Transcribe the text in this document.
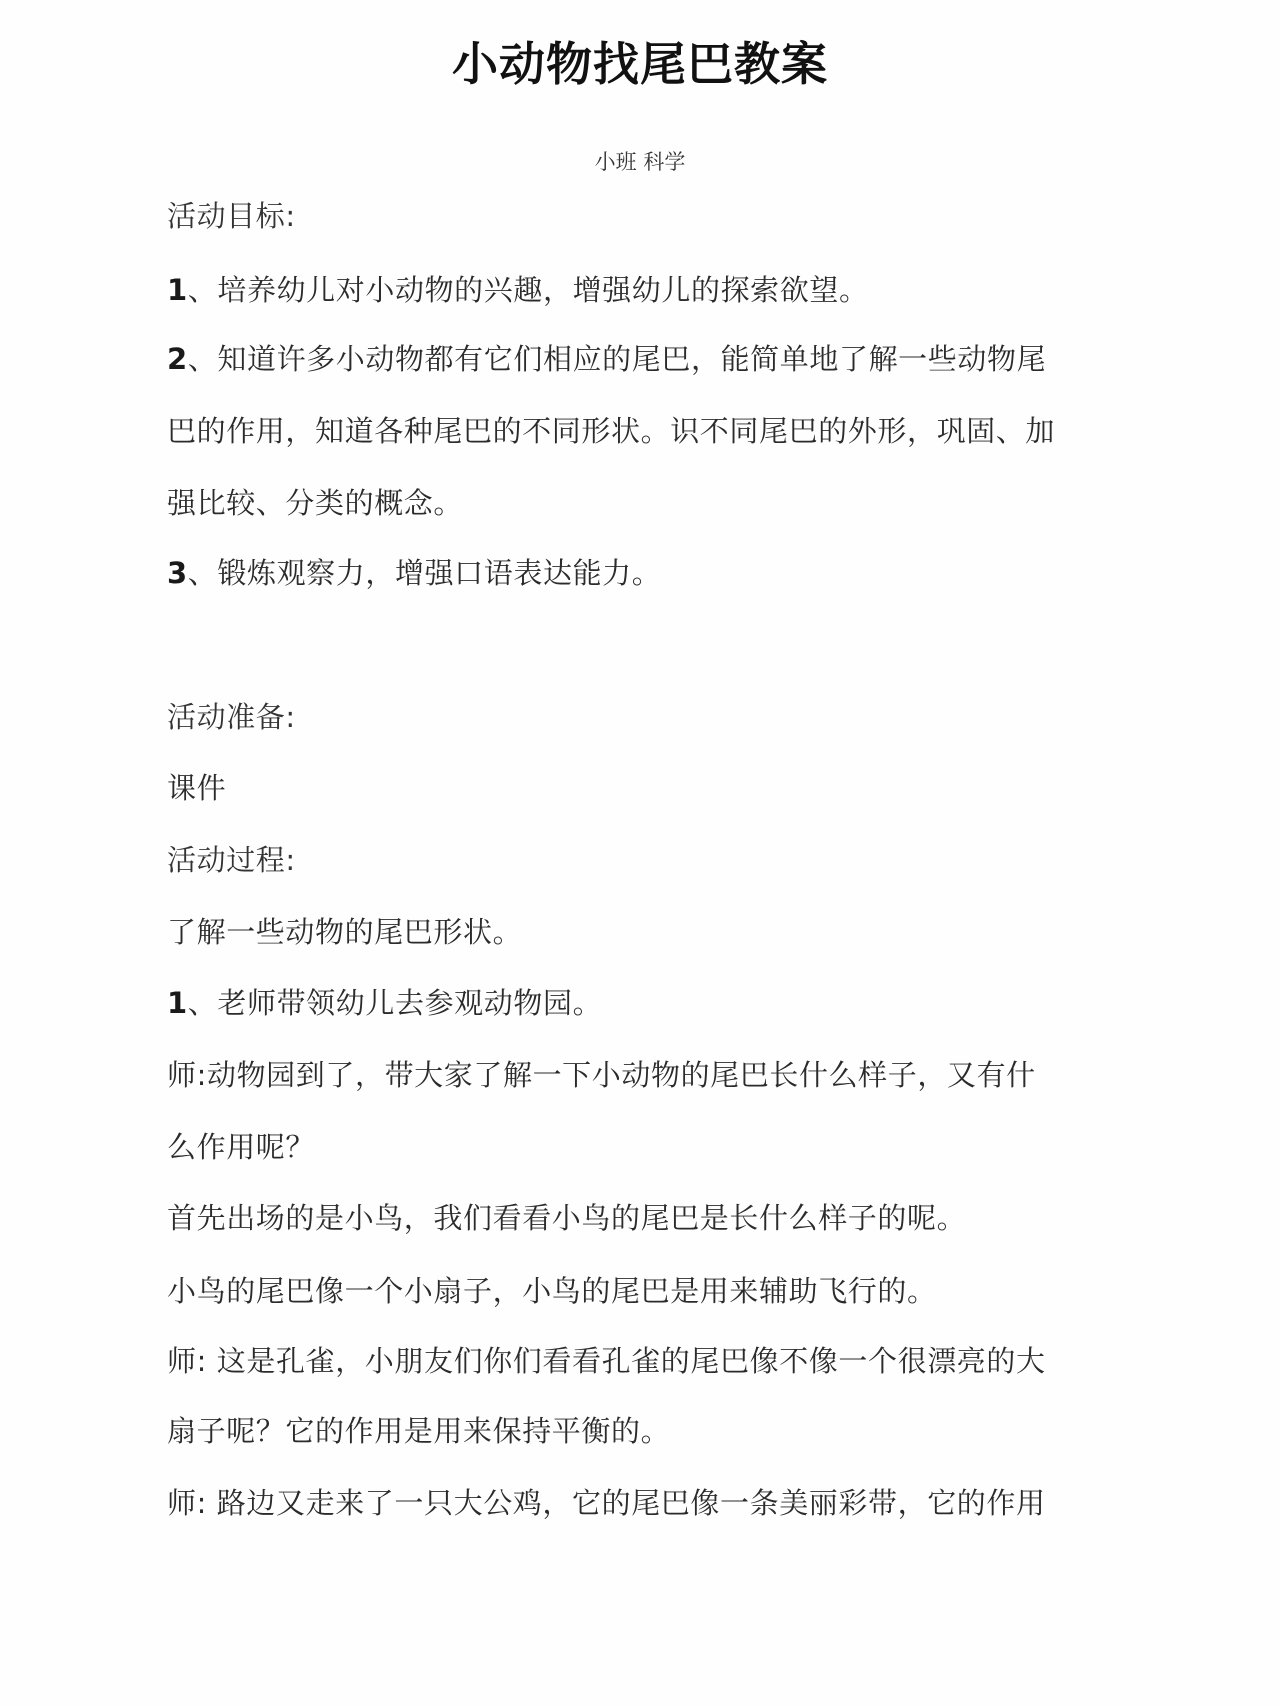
小动物找尾巴教案
小班 科学
活动目标:
1、培养幼儿对小动物的兴趣，增强幼儿的探索欲望。
2、知道许多小动物都有它们相应的尾巴，能简单地了解一些动物尾
巴的作用，知道各种尾巴的不同形状。识不同尾巴的外形，巩固、加
强比较、分类的概念。
3、锻炼观察力，增强口语表达能力。
活动准备:
课件
活动过程:
了解一些动物的尾巴形状。
1、老师带领幼儿去参观动物园。
师:动物园到了，带大家了解一下小动物的尾巴长什么样子，又有什
么作用呢？
首先出场的是小鸟，我们看看小鸟的尾巴是长什么样子的呢。
小鸟的尾巴像一个小扇子，小鸟的尾巴是用来辅助飞行的。
师: 这是孔雀，小朋友们你们看看孔雀的尾巴像不像一个很漂亮的大
扇子呢？它的作用是用来保持平衡的。
师: 路边又走来了一只大公鸡，它的尾巴像一条美丽彩带，它的作用
